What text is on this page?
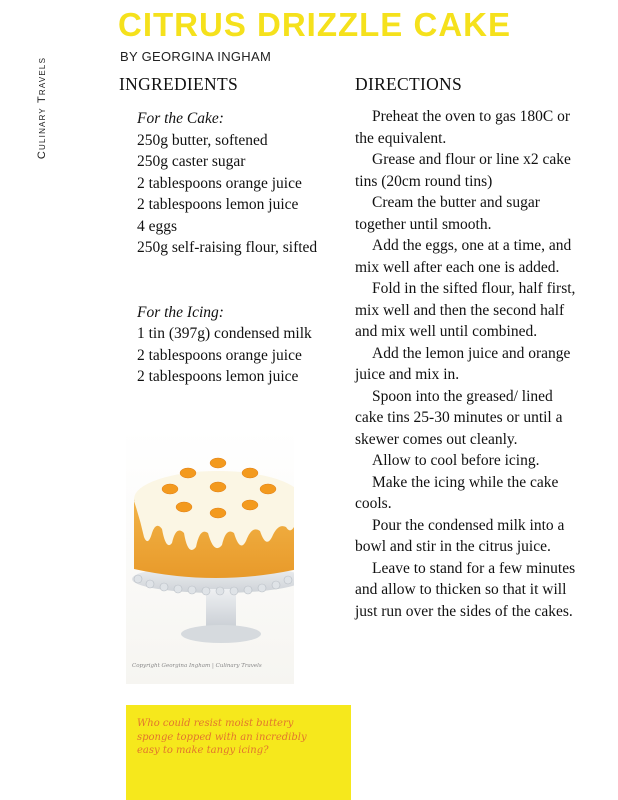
Culinary Travels
CITRUS DRIZZLE CAKE
BY GEORGINA INGHAM
INGREDIENTS	DIRECTIONS

For the Cake:

250g butter, softened

250g caster sugar

2 tablespoons orange juice

2 tablespoons lemon juice

4 eggs

250g self-raising flour, sifted

For the Icing:

1 tin (397g) condensed milk

2 tablespoons orange juice

2 tablespoons lemon juice

Preheat the oven to gas 180C or the equivalent.

Grease and flour or line x2 cake tins (20cm round tins)

Cream the butter and sugar together until smooth.

Add the eggs, one at a time, and mix well after each one is added.

Fold in the sifted flour, half first, mix well and then the second half and mix well until combined.

Add the lemon juice and orange juice and mix in.

Spoon into the greased/ lined cake tins 25-30 minutes or until a skewer comes out cleanly.

Allow to cool before icing.

Make the icing while the cake cools.

Pour the condensed milk into a bowl and stir in the citrus juice.

Leave to stand for a few minutes and allow to thicken so that it will just run over the sides of the cakes.

Copyright Georgina Ingham | Culinary Travels

Who could resist moist buttery sponge topped with an incredibly easy to make tangy icing?
